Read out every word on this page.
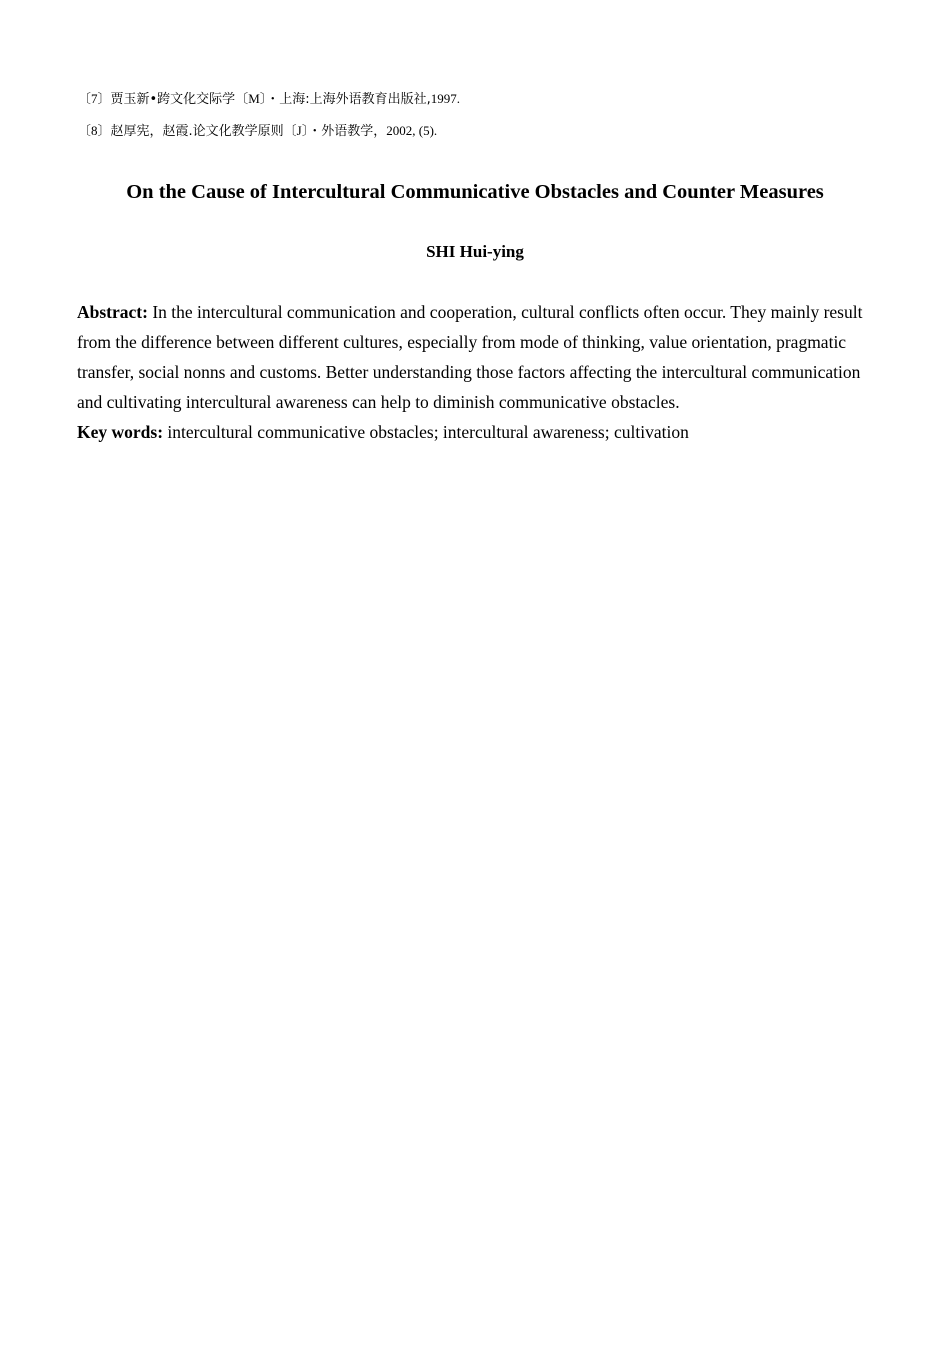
〔7〕贾玉新•跨文化交际学〔M〕・上海:上海外语教育出版社,1997.
〔8〕赵厚宪，赵霞.论文化教学原则〔J〕・外语教学，2002, (5).
On the Cause of Intercultural Communicative Obstacles and Counter Measures
SHI Hui-ying

Abstract: In the intercultural communication and cooperation, cultural conflicts often occur. They mainly result from the difference between different cultures, especially from mode of thinking, value orientation, pragmatic transfer, social nonns and customs. Better understanding those factors affecting the intercultural communication and cultivating intercultural awareness can help to diminish communicative obstacles.

Key words: intercultural communicative obstacles; intercultural awareness; cultivation
